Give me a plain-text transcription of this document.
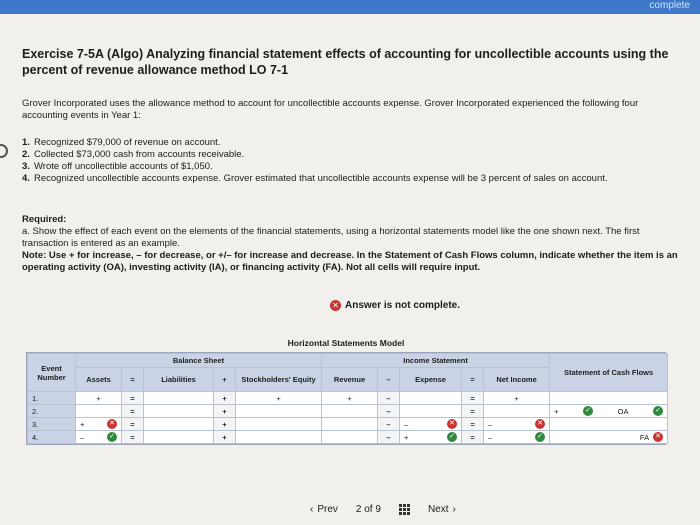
complete
Exercise 7-5A (Algo) Analyzing financial statement effects of accounting for uncollectible accounts using the percent of revenue allowance method LO 7-1

Grover Incorporated uses the allowance method to account for uncollectible accounts expense. Grover Incorporated experienced the following four accounting events in Year 1:

1. Recognized $79,000 of revenue on account.
2. Collected $73,000 cash from accounts receivable.
3. Wrote off uncollectible accounts of $1,050.
4. Recognized uncollectible accounts expense. Grover estimated that uncollectible accounts expense will be 3 percent of sales on account.
Required:
a. Show the effect of each event on the elements of the financial statements, using a horizontal statements model like the one shown next. The first transaction is entered as an example.
Note: Use + for increase, – for decrease, or +/– for increase and decrease. In the Statement of Cash Flows column, indicate whether the item is an operating activity (OA), investing activity (IA), or financing activity (FA). Not all cells will require input.
✕ Answer is not complete.
Horizontal Statements Model
Event Number	Balance Sheet					Income Statement					Statement of Cash Flows
	Assets	=	Liabilities	+	Stockholders' Equity	Revenue	–	Expense	=	Net Income	
1.	+	=		+	+	+	–		=	+	
2.		=		+			–		=		+ ✓ OA ✓

3.	+ ✕	=		+			–	– ✕	=	– ✕	

4.	– ✓	=		+			–	+ ✓	=	– ✓	FA ✕
‹ Prev 2 of 9	Next ›
